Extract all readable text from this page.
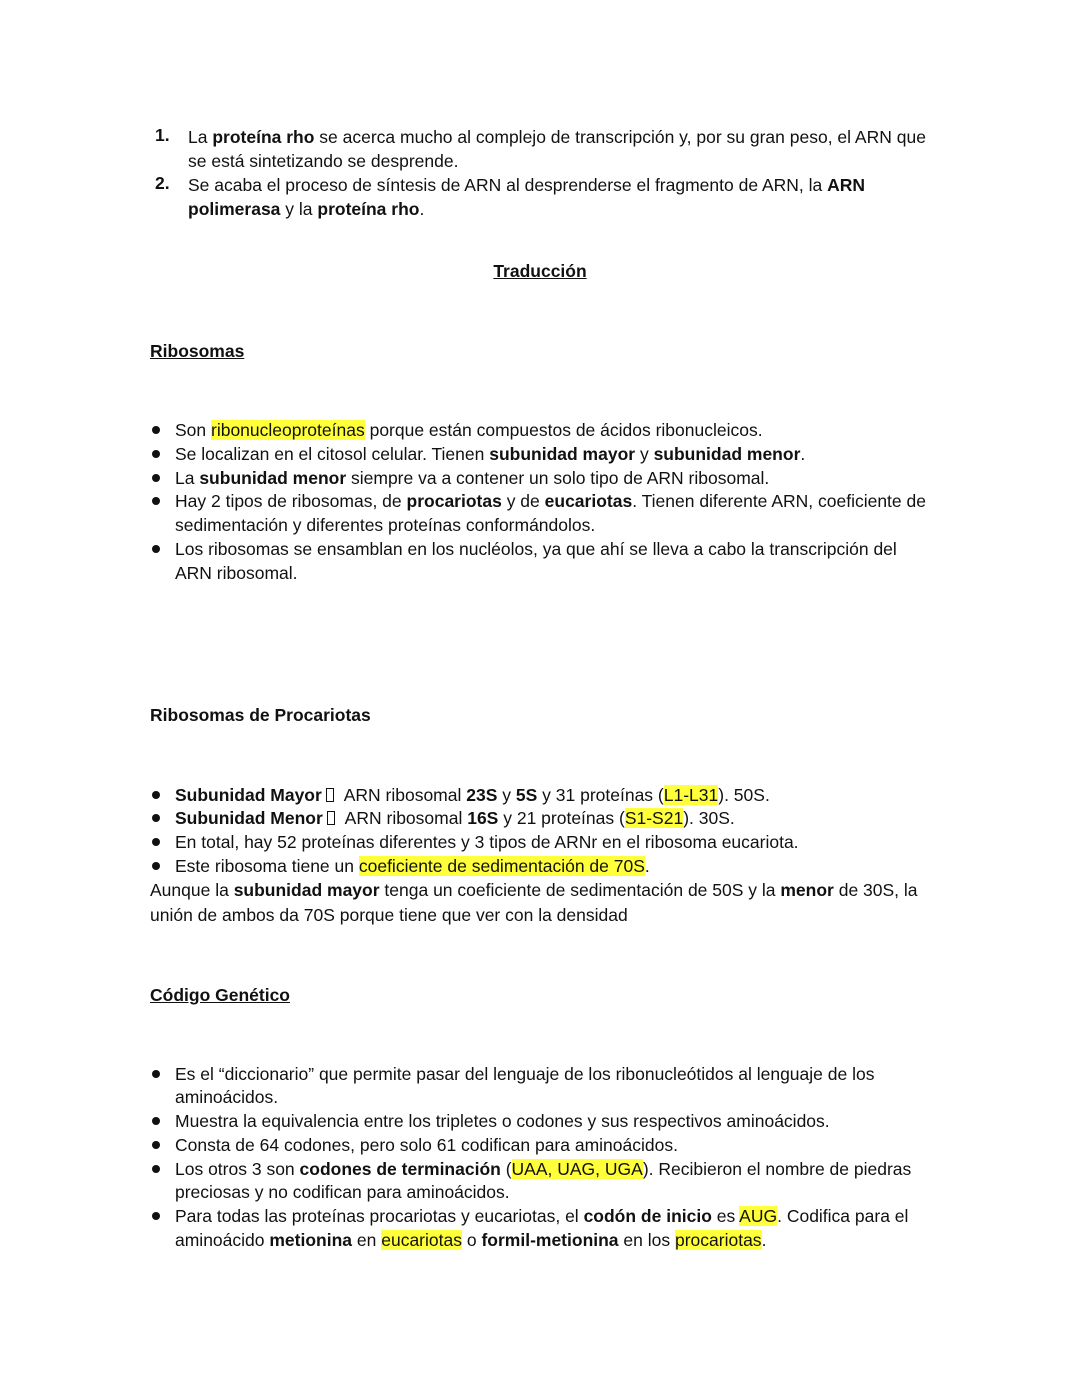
1.	La proteína rho se acerca mucho al complejo de transcripción y, por su gran peso, el ARN que
se está sintetizando se desprende.
2.	Se acaba el proceso de síntesis de ARN al desprenderse el fragmento de ARN, la ARN
polimerasa y la proteína rho.
Traducción
Ribosomas
Son ribonucleoproteínas porque están compuestos de ácidos ribonucleicos.
Se localizan en el citosol celular. Tienen subunidad mayor y subunidad menor.
La subunidad menor siempre va a contener un solo tipo de ARN ribosomal.
Hay 2 tipos de ribosomas, de procariotas y de eucariotas. Tienen diferente ARN, coeficiente de
sedimentación y diferentes proteínas conformándolos.
Los ribosomas se ensamblan en los nucléolos, ya que ahí se lleva a cabo la transcripción del
ARN ribosomal.
Ribosomas de Procariotas
Subunidad Mayor ARN ribosomal 23S y 5S y 31 proteínas (L1-L31). 50S.
Subunidad Menor ARN ribosomal 16S y 21 proteínas (S1-S21). 30S.
En total, hay 52 proteínas diferentes y 3 tipos de ARNr en el ribosoma eucariota.
Este ribosoma tiene un coeficiente de sedimentación de 70S.
Aunque la subunidad mayor tenga un coeficiente de sedimentación de 50S y la menor de 30S, la
unión de ambos da 70S porque tiene que ver con la densidad
Código Genético
Es el “diccionario” que permite pasar del lenguaje de los ribonucleótidos al lenguaje de los
aminoácidos.
Muestra la equivalencia entre los tripletes o codones y sus respectivos aminoácidos.
Consta de 64 codones, pero solo 61 codifican para aminoácidos.
Los otros 3 son codones de terminación (UAA, UAG, UGA). Recibieron el nombre de piedras
preciosas y no codifican para aminoácidos.
Para todas las proteínas procariotas y eucariotas, el codón de inicio es AUG. Codifica para el
aminoácido metionina en eucariotas o formil-metionina en los procariotas.
